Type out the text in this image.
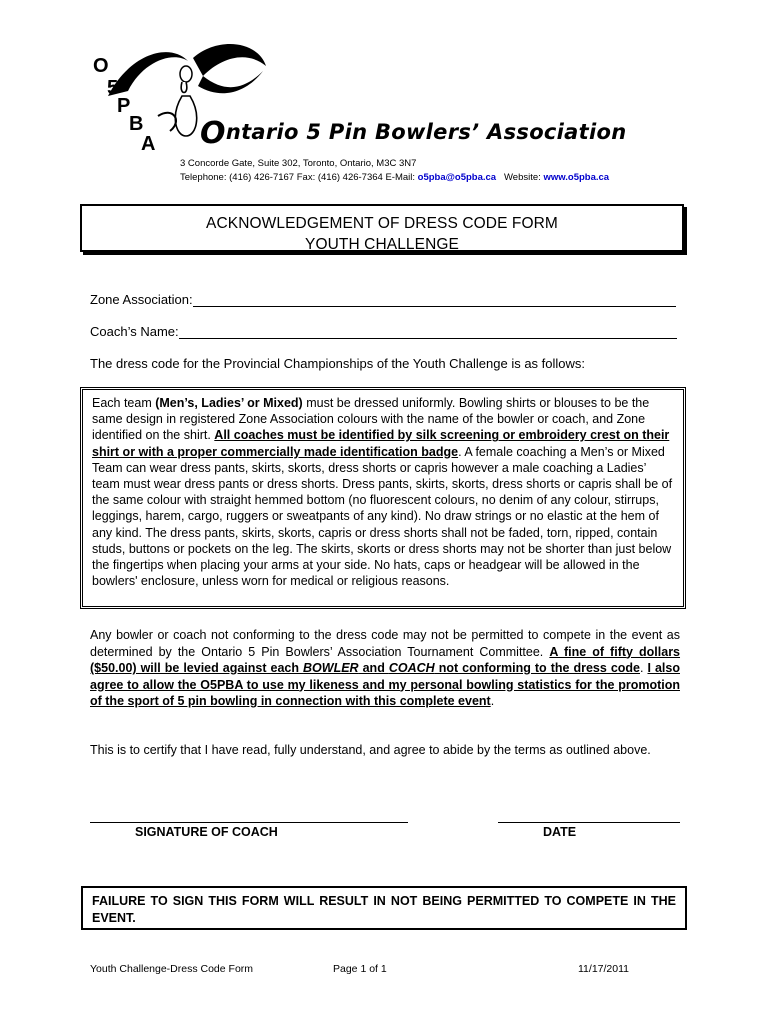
O
5
P
B
A Ontario 5 Pin Bowlers’ Association
3 Concorde Gate, Suite 302, Toronto, Ontario, M3C 3N7
Telephone: (416) 426-7167 Fax: (416) 426-7364 E-Mail: o5pba@o5pba.ca Website: www.o5pba.ca
ACKNOWLEDGEMENT OF DRESS CODE FORM
YOUTH CHALLENGE
Zone Association:
Coach’s Name:
The dress code for the Provincial Championships of the Youth Challenge is as follows:

Each team (Men’s, Ladies’ or Mixed) must be dressed uniformly. Bowling shirts or blouses to be the same design in registered Zone Association colours with the name of the bowler or coach, and Zone identified on the shirt. All coaches must be identified by silk screening or embroidery crest on their shirt or with a proper commercially made identification badge. A female coaching a Men’s or Mixed Team can wear dress pants, skirts, skorts, dress shorts or capris however a male coaching a Ladies’ team must wear dress pants or dress shorts. Dress pants, skirts, skorts, dress shorts or capris shall be of the same colour with straight hemmed bottom (no fluorescent colours, no denim of any colour, stirrups, leggings, harem, cargo, ruggers or sweatpants of any kind). No draw strings or no elastic at the hem of any kind. The dress pants, skirts, skorts, capris or dress shorts shall not be faded, torn, ripped, contain studs, buttons or pockets on the leg. The skirts, skorts or dress shorts may not be shorter than just below the fingertips when placing your arms at your side. No hats, caps or headgear will be allowed in the bowlers' enclosure, unless worn for medical or religious reasons.

Any bowler or coach not conforming to the dress code may not be permitted to compete in the event as determined by the Ontario 5 Pin Bowlers’ Association Tournament Committee. A fine of fifty dollars ($50.00) will be levied against each BOWLER and COACH not conforming to the dress code. I also agree to allow the O5PBA to use my likeness and my personal bowling statistics for the promotion of the sport of 5 pin bowling in connection with this complete event.

This is to certify that I have read, fully understand, and agree to abide by the terms as outlined above.

SIGNATURE OF COACH	DATE
FAILURE TO SIGN THIS FORM WILL RESULT IN NOT BEING PERMITTED TO COMPETE IN THE EVENT.
Youth Challenge-Dress Code Form	Page 1 of 1	11/17/2011
